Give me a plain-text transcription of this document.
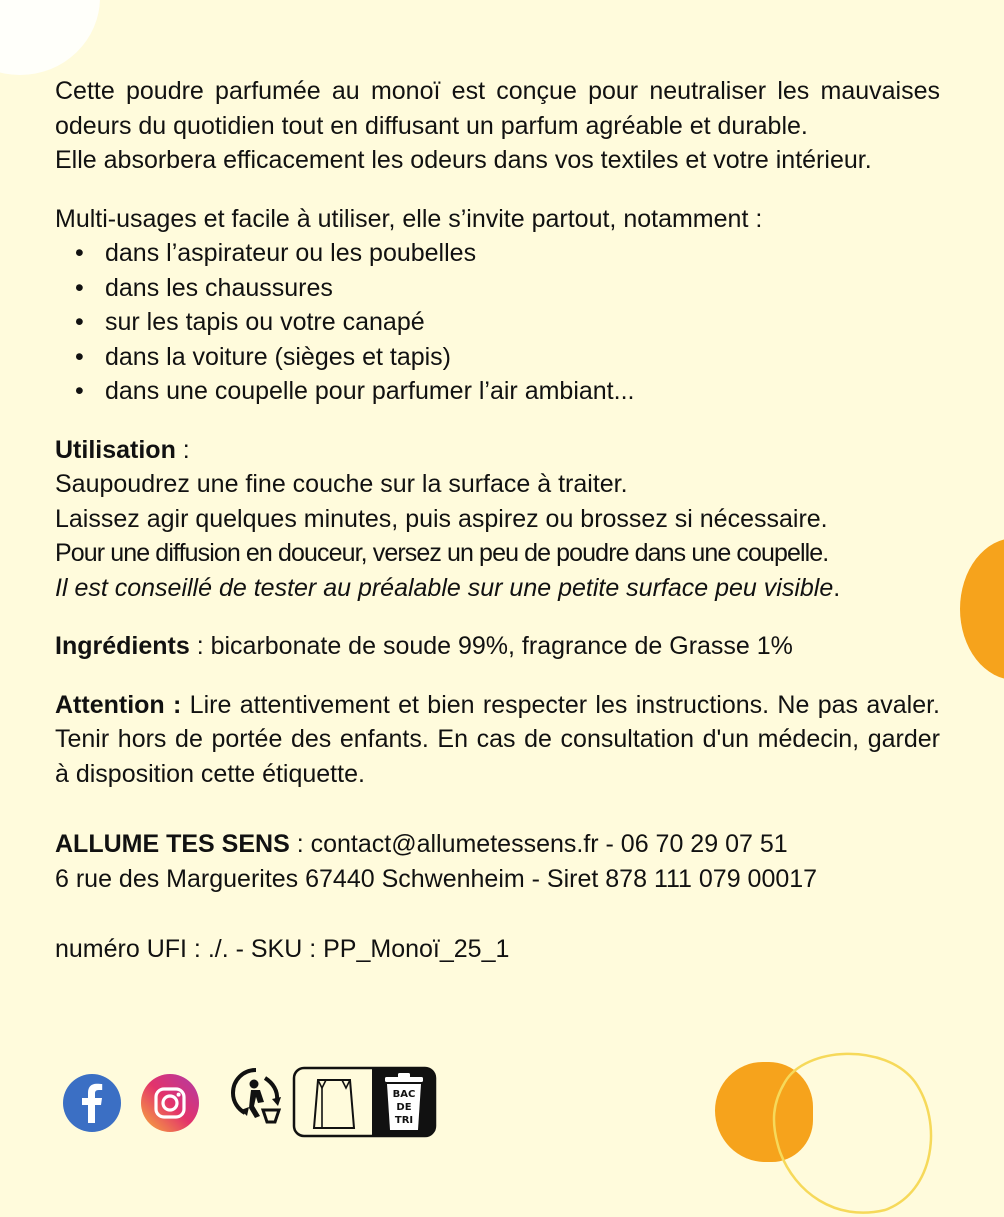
Cette poudre parfumée au monoï est conçue pour neutraliser les mauvaises odeurs du quotidien tout en diffusant un parfum agréable et durable.

Elle absorbera efficacement les odeurs dans vos textiles et votre intérieur.

Multi-usages et facile à utiliser, elle s’invite partout, notamment :

• dans l’aspirateur ou les poubelles
• dans les chaussures
• sur les tapis ou votre canapé
• dans la voiture (sièges et tapis)
• dans une coupelle pour parfumer l’air ambiant...

Utilisation :

Saupoudrez une fine couche sur la surface à traiter.

Laissez agir quelques minutes, puis aspirez ou brossez si nécessaire.

Pour une diffusion en douceur, versez un peu de poudre dans une coupelle.

Il est conseillé de tester au préalable sur une petite surface peu visible.

Ingrédients : bicarbonate de soude 99%, fragrance de Grasse 1%

Attention : Lire attentivement et bien respecter les instructions. Ne pas avaler. Tenir hors de portée des enfants. En cas de consultation d'un médecin, garder à disposition cette étiquette.

ALLUME TES SENS : contact@allumetessens.fr - 06 70 29 07 51

6 rue des Marguerites 67440 Schwenheim - Siret 878 111 079 00017

numéro UFI : ./. - SKU : PP_Monoï_25_1

BAC
DE
TRI
